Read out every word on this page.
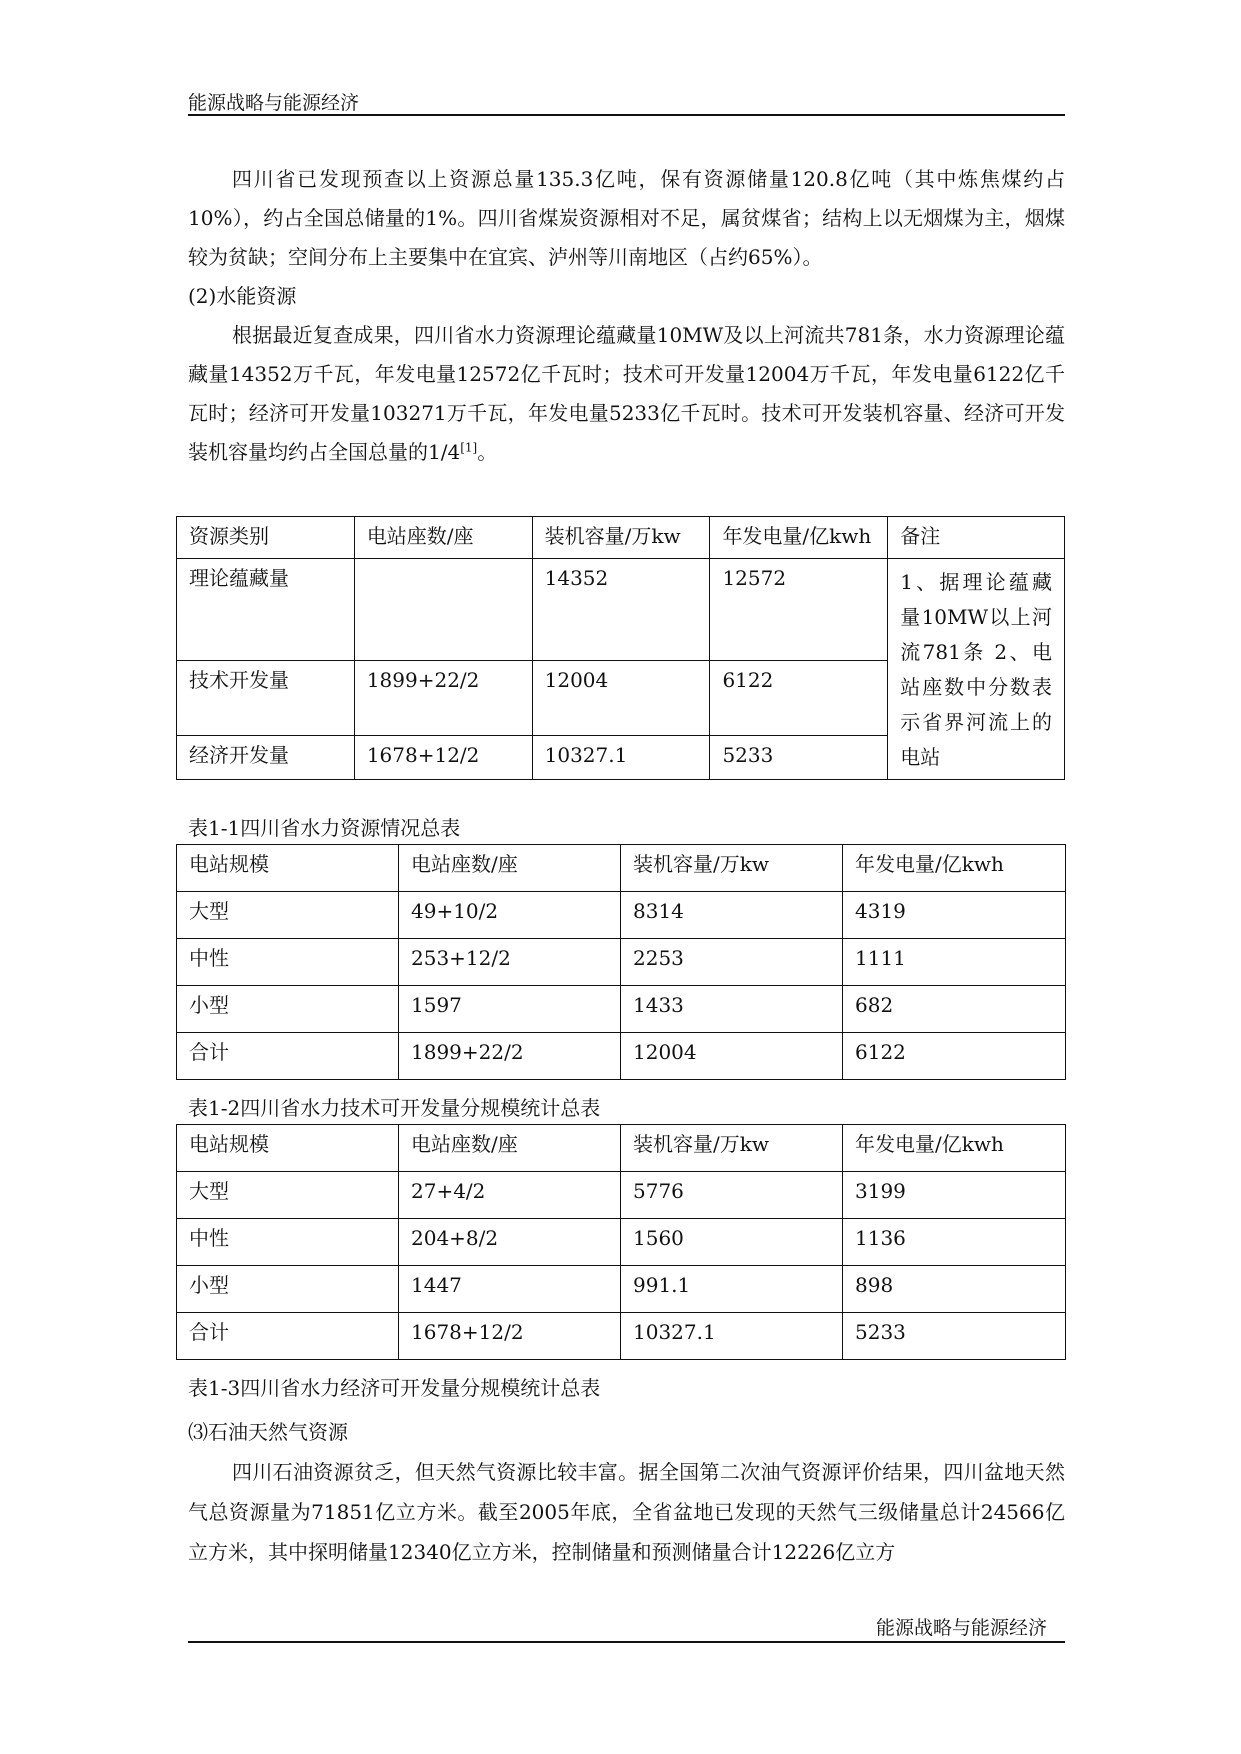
能源战略与能源经济

四川省已发现预查以上资源总量135.3亿吨，保有资源储量120.8亿吨（其中炼焦煤约占10%），约占全国总储量的1%。四川省煤炭资源相对不足，属贫煤省；结构上以无烟煤为主，烟煤较为贫缺；空间分布上主要集中在宜宾、泸州等川南地区（占约65%）。

(2)水能资源

根据最近复查成果，四川省水力资源理论蕴藏量10MW及以上河流共781条，水力资源理论蕴藏量14352万千瓦，年发电量12572亿千瓦时；技术可开发量12004万千瓦，年发电量6122亿千瓦时；经济可开发量103271万千瓦，年发电量5233亿千瓦时。技术可开发装机容量、经济可开发装机容量均约占全国总量的1/4[1]。

资源类别	电站座数/座	装机容量/万kw	年发电量/亿kwh	备注
理论蕴藏量		14352	12572	1、据理论蕴藏量10MW以上河流781条 2、电站座数中分数表示省界河流上的电站
技术开发量	1899+22/2	12004	6122	
经济开发量	1678+12/2	10327.1	5233	
表1-1四川省水力资源情况总表
电站规模	电站座数/座	装机容量/万kw	年发电量/亿kwh
大型	49+10/2	8314	4319
中性	253+12/2	2253	1111
小型	1597	1433	682
合计	1899+22/2	12004	6122
表1-2四川省水力技术可开发量分规模统计总表
电站规模	电站座数/座	装机容量/万kw	年发电量/亿kwh
大型	27+4/2	5776	3199
中性	204+8/2	1560	1136
小型	1447	991.1	898
合计	1678+12/2	10327.1	5233
表1-3四川省水力经济可开发量分规模统计总表

⑶石油天然气资源

四川石油资源贫乏，但天然气资源比较丰富。据全国第二次油气资源评价结果，四川盆地天然气总资源量为71851亿立方米。截至2005年底，全省盆地已发现的天然气三级储量总计24566亿立方米，其中探明储量12340亿立方米，控制储量和预测储量合计12226亿立方

能源战略与能源经济
